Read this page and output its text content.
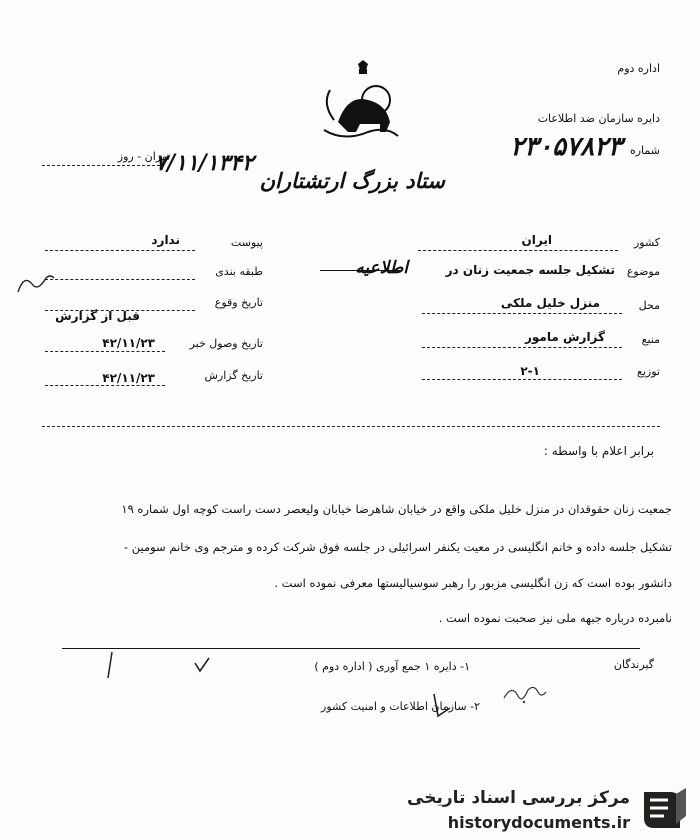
ستاد بزرگ ارتشتاران
اداره دوم
دایره سازمان ضد اطلاعات
شماره
۲۳۰۵۷۸۲۳
تهران - روز
۷/۱۱/۱۳۴۲
کشور
ایران
موضوع
تشکیل جلسه جمعیت زنان در
اطلاعیه
محل
منزل خلیل ملکی
منبع
گزارش مامور
توزیع
۲-۱
پیوست
ندارد
طبقه بندی
تاریخ وقوع
قبل از گزارش
تاریخ وصول خبر
۴۲/۱۱/۲۳
تاریخ گزارش
۴۲/۱۱/۲۳
برابر اعلام با واسطه :
جمعیت زنان حقوقدان در منزل خلیل ملکی واقع در خیابان شاهرضا خیابان ولیعصر دست راست کوچه اول شماره ۱۹
تشکیل جلسه داده و خانم انگلیسی در معیت یکنفر اسرائیلی در جلسه فوق شرکت کرده و مترجم وی خانم سومین -
دانشور بوده است که زن انگلیسی مزبور را رهبر سوسیالیستها معرفی نموده است .
نامبرده درباره جبهه ملی نیز صحبت نموده است .
گیرندگان
۱- دایره ۱ جمع آوری ( اداره دوم )
۲- سازمان اطلاعات و امنیت کشور
مرکز بررسی اسناد تاریخی
historydocuments.ir
